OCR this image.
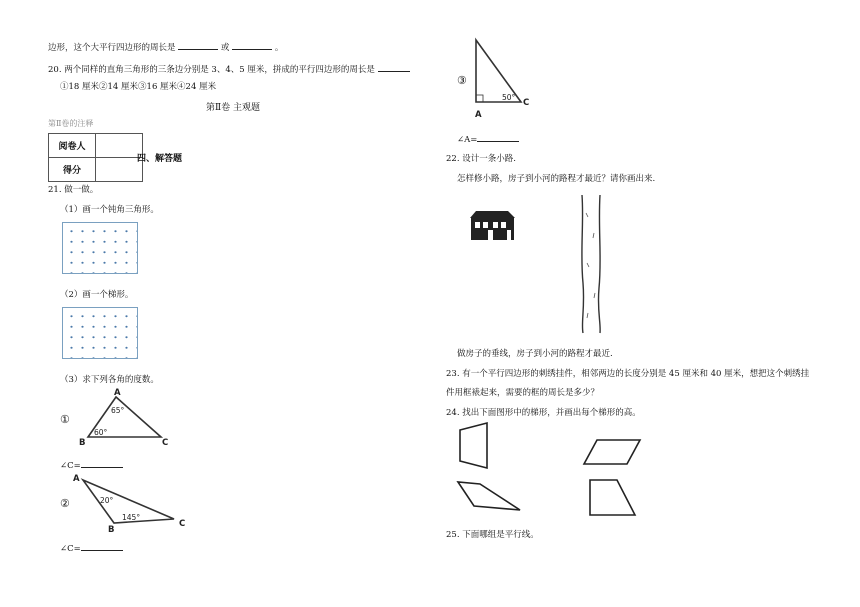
边形，这个大平行四边形的周长是	或	。
20. 两个同样的直角三角形的三条边分别是 3、4、5 厘米，拼成的平行四边形的周长是
①18 厘米②14 厘米③16 厘米④24 厘米
第Ⅱ卷 主观题
第Ⅱ卷的注释
阅卷人	
得分	
四、解答题
21. 做一做。
（1）画一个钝角三角形。
（2）画一个梯形。
（3）求下列各角的度数。
①
A
B	C
65°
60°
∠C=
②
A
B
C
20°
145°
∠C=
③
50°
A
C
∠A=
22. 设计一条小路.
怎样修小路，房子到小河的路程才最近？请你画出来.
做房子的垂线，房子到小河的路程才最近.
23. 有一个平行四边形的刺绣挂件，相邻两边的长度分别是 45 厘米和 40 厘米，想把这个刺绣挂
件用框裱起来，需要的框的周长是多少？
24. 找出下面图形中的梯形，并画出每个梯形的高。
25. 下面哪组是平行线。
